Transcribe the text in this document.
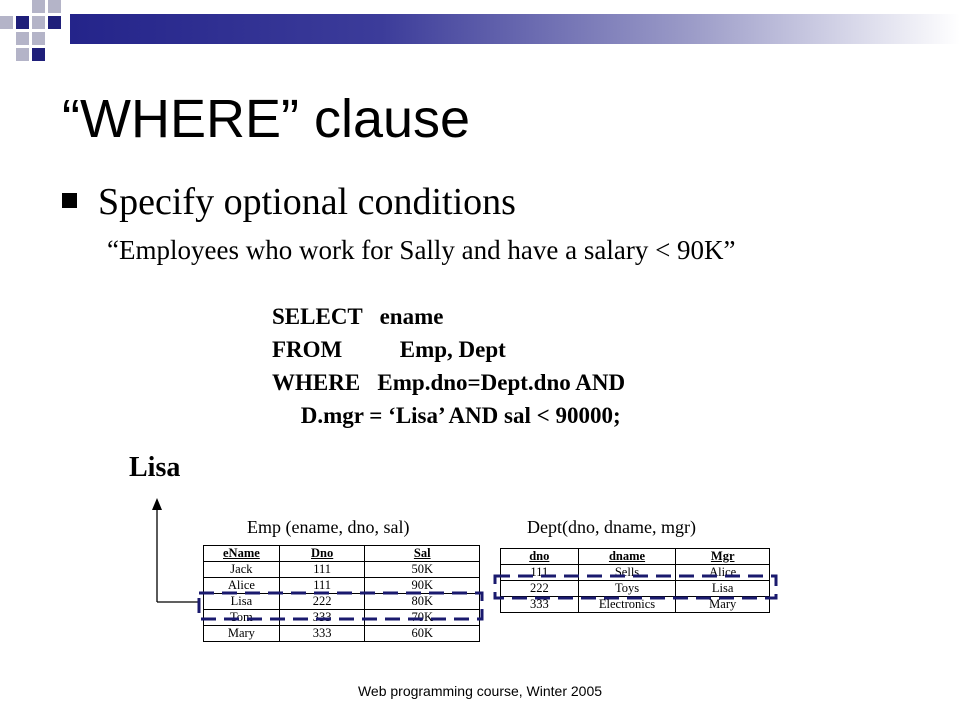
“WHERE” clause
Specify optional conditions
“Employees who work for Sally and have a salary < 90K”
SELECT   ename
FROM          Emp, Dept
WHERE   Emp.dno=Dept.dno AND
D.mgr = ‘Lisa’ AND sal < 90000;
Lisa
Emp (ename, dno, sal)	Dept(dno, dname, mgr)
eName	Dno	Sal
Jack	111	50K
Alice	111	90K
Lisa	222	80K
Tom	333	70K
Mary	333	60K
dno	dname	Mgr
111	Sells	Alice
222	Toys	Lisa
333	Electronics	Mary
Web programming course, Winter 2005
